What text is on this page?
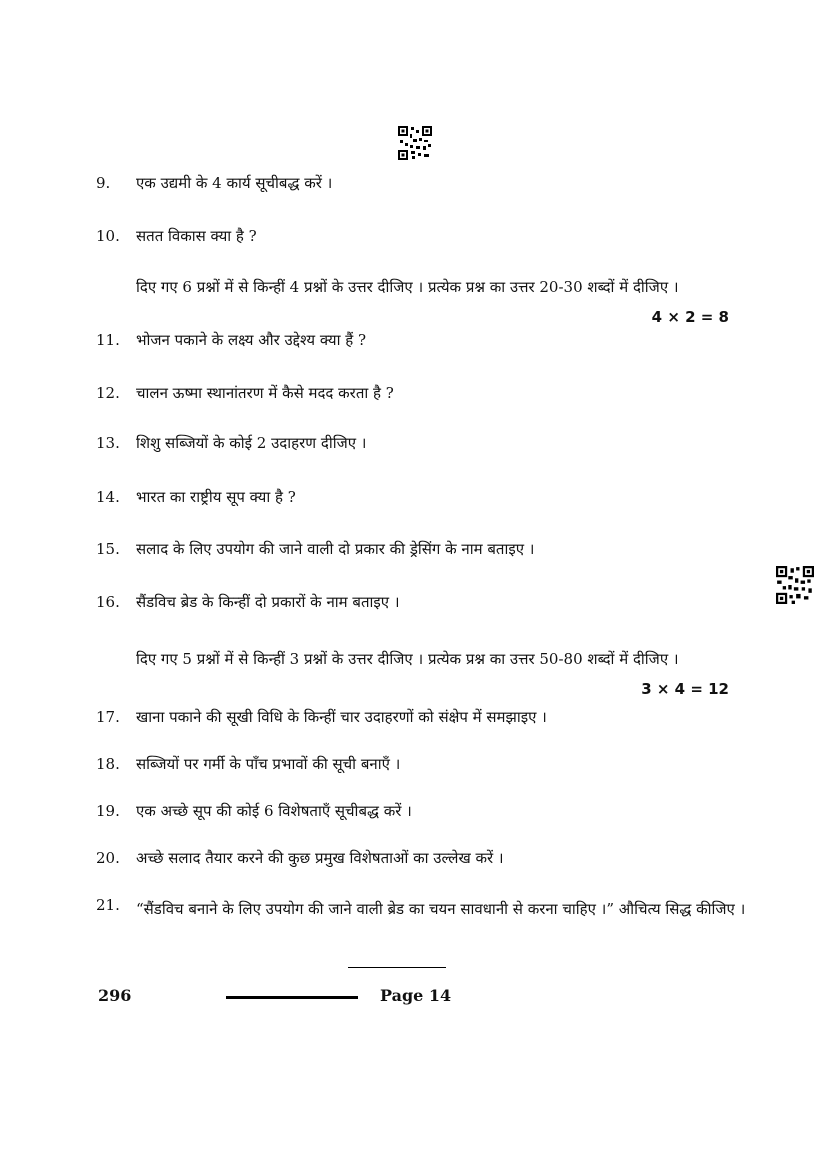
9.	एक उद्यमी के 4 कार्य सूचीबद्ध करें ।
10.	सतत विकास क्या है ?
दिए गए 6 प्रश्नों में से किन्हीं 4 प्रश्नों के उत्तर दीजिए । प्रत्येक प्रश्न का उत्तर 20-30 शब्दों में दीजिए ।
4 × 2 = 8
11.	भोजन पकाने के लक्ष्य और उद्देश्य क्या हैं ?
12.	चालन ऊष्मा स्थानांतरण में कैसे मदद करता है ?
13.	शिशु सब्जियों के कोई 2 उदाहरण दीजिए ।
14.	भारत का राष्ट्रीय सूप क्या है ?
15.	सलाद के लिए उपयोग की जाने वाली दो प्रकार की ड्रेसिंग के नाम बताइए ।
16.	सैंडविच ब्रेड के किन्हीं दो प्रकारों के नाम बताइए ।
दिए गए 5 प्रश्नों में से किन्हीं 3 प्रश्नों के उत्तर दीजिए । प्रत्येक प्रश्न का उत्तर 50-80 शब्दों में दीजिए ।
3 × 4 = 12
17.	खाना पकाने की सूखी विधि के किन्हीं चार उदाहरणों को संक्षेप में समझाइए ।
18.	सब्जियों पर गर्मी के पाँच प्रभावों की सूची बनाएँ ।
19.	एक अच्छे सूप की कोई 6 विशेषताएँ सूचीबद्ध करें ।
20.	अच्छे सलाद तैयार करने की कुछ प्रमुख विशेषताओं का उल्लेख करें ।
21.	“सैंडविच बनाने के लिए उपयोग की जाने वाली ब्रेड का चयन सावधानी से करना चाहिए ।” औचित्य सिद्ध कीजिए ।
296	Page 14
